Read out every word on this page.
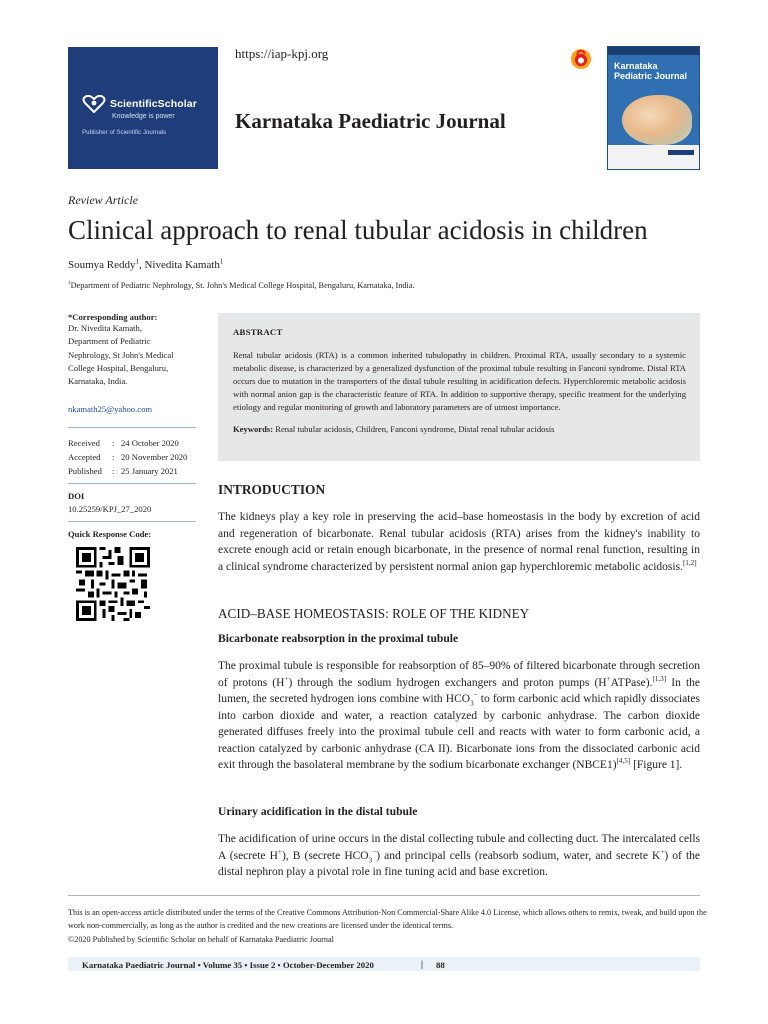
ScientificScholar
Knowledge is power
Publisher of Scientific Journals
https://iap-kpj.org
Karnataka Paediatric Journal
Karnataka
Pediatric Journal
Review Article
Clinical approach to renal tubular acidosis in children
Soumya Reddy$^1$, Nivedita Kamath$^1$
$^1$Department of Pediatric Nephrology, St. John's Medical College Hospital, Bengaluru, Karnataka, India.
*Corresponding author:
Dr. Nivedita Kamath,
Department of Pediatric
Nephrology, St John's Medical
College Hospital, Bengaluru,
Karnataka, India.
nkamath25@yahoo.com
Received	: 24 October 2020
Accepted	: 20 November 2020
Published	: 25 January 2021
DOI
10.25259/KPJ_27_2020
Quick Response Code:
ABSTRACT
Renal tubular acidosis (RTA) is a common inherited tubulopathy in children. Proximal RTA, usually secondary to a systemic metabolic disease, is characterized by a generalized dysfunction of the proximal tubule resulting in Fanconi syndrome. Distal RTA occurs due to mutation in the transporters of the distal tubule resulting in acidification defects. Hyperchloremic metabolic acidosis with normal anion gap is the characteristic feature of RTA. In addition to supportive therapy, specific treatment for the underlying etiology and regular monitoring of growth and laboratory parameters are of utmost importance.
Keywords: Renal tubular acidosis, Children, Fanconi syndrome, Distal renal tubular acidosis
INTRODUCTION

The kidneys play a key role in preserving the acid–base homeostasis in the body by excretion of acid and regeneration of bicarbonate. Renal tubular acidosis (RTA) arises from the kidney's inability to excrete enough acid or retain enough bicarbonate, in the presence of normal renal function, resulting in a clinical syndrome characterized by persistent normal anion gap hyperchloremic metabolic acidosis.[1,2]

ACID–BASE HOMEOSTASIS: ROLE OF THE KIDNEY
Bicarbonate reabsorption in the proximal tubule

The proximal tubule is responsible for reabsorption of 85–90% of filtered bicarbonate through secretion of protons (H+) through the sodium hydrogen exchangers and proton pumps (H+ATPase).[1,3] In the lumen, the secreted hydrogen ions combine with $HCO_3^-$ to form carbonic acid which rapidly dissociates into carbon dioxide and water, a reaction catalyzed by carbonic anhydrase. The carbon dioxide generated diffuses freely into the proximal tubule cell and reacts with water to form carbonic acid, a reaction catalyzed by carbonic anhydrase (CA II). Bicarbonate ions from the dissociated carbonic acid exit through the basolateral membrane by the sodium bicarbonate exchanger (NBCE1)[4,5] [Figure 1].

Urinary acidification in the distal tubule

The acidification of urine occurs in the distal collecting tubule and collecting duct. The intercalated cells A (secrete H+), B (secrete $HCO_3^-$) and principal cells (reabsorb sodium, water, and secrete K+) of the distal nephron play a pivotal role in fine tuning acid and base excretion.

This is an open-access article distributed under the terms of the Creative Commons Attribution-Non Commercial-Share Alike 4.0 License, which allows others to remix, tweak, and build upon the work non-commercially, as long as the author is credited and the new creations are licensed under the identical terms.
©2020 Published by Scientific Scholar on behalf of Karnataka Paediatric Journal
Karnataka Paediatric Journal • Volume 35 • Issue 2 • October-December 2020	| 88
